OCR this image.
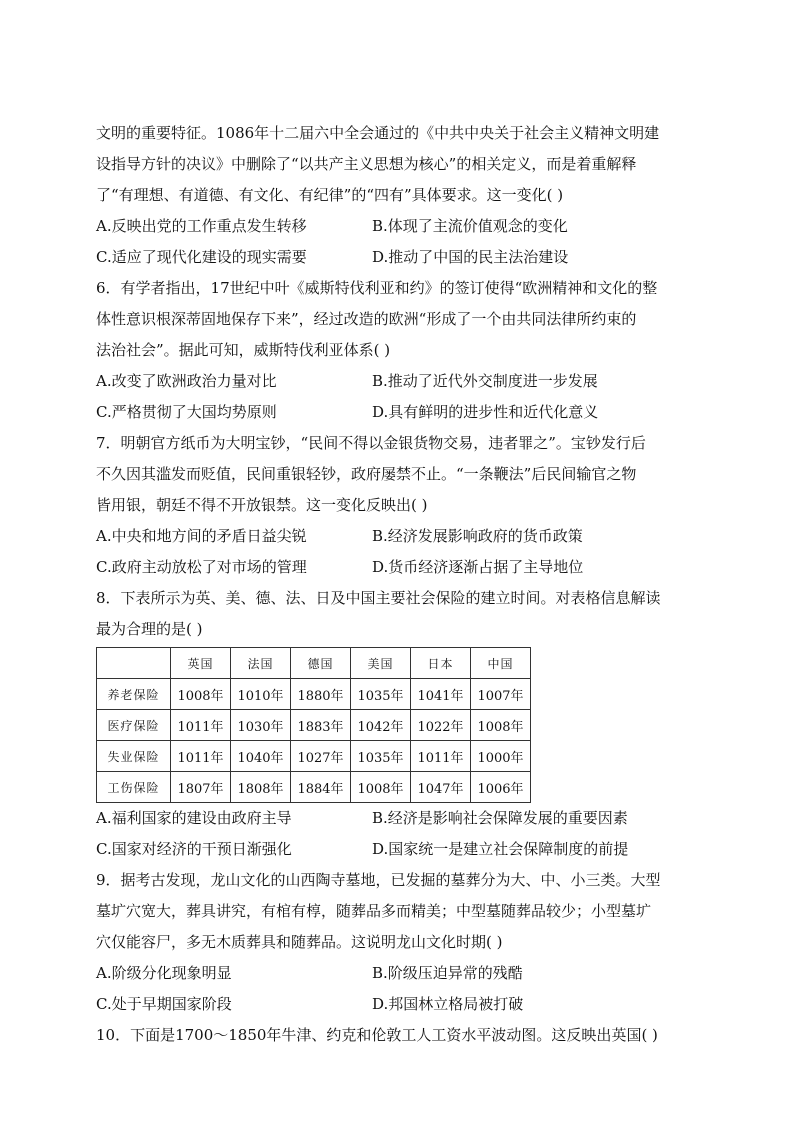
文明的重要特征。1086年十二届六中全会通过的《中共中央关于社会主义精神文明建
设指导方针的决议》中删除了“以共产主义思想为核心”的相关定义，而是着重解释
了“有理想、有道德、有文化、有纪律”的“四有”具体要求。这一变化( )
A.反映出党的工作重点发生转移	B.体现了主流价值观念的变化
C.适应了现代化建设的现实需要	D.推动了中国的民主法治建设
6．有学者指出，17世纪中叶《威斯特伐利亚和约》的签订使得“欧洲精神和文化的整
体性意识根深蒂固地保存下来”，经过改造的欧洲“形成了一个由共同法律所约束的
法治社会”。据此可知，威斯特伐利亚体系( )
A.改变了欧洲政治力量对比	B.推动了近代外交制度进一步发展
C.严格贯彻了大国均势原则	D.具有鲜明的进步性和近代化意义
7．明朝官方纸币为大明宝钞，“民间不得以金银货物交易，违者罪之”。宝钞发行后
不久因其滥发而贬值，民间重银轻钞，政府屡禁不止。“一条鞭法”后民间输官之物
皆用银，朝廷不得不开放银禁。这一变化反映出( )
A.中央和地方间的矛盾日益尖锐	B.经济发展影响政府的货币政策
C.政府主动放松了对市场的管理	D.货币经济逐渐占据了主导地位
8．下表所示为英、美、德、法、日及中国主要社会保险的建立时间。对表格信息解读
最为合理的是( )
	英国	法国	德国	美国	日本	中国
养老保险	1008年	1010年	1880年	1035年	1041年	1007年
医疗保险	1011年	1030年	1883年	1042年	1022年	1008年
失业保险	1011年	1040年	1027年	1035年	1011年	1000年
工伤保险	1807年	1808年	1884年	1008年	1047年	1006年
A.福利国家的建设由政府主导	B.经济是影响社会保障发展的重要因素
C.国家对经济的干预日渐强化	D.国家统一是建立社会保障制度的前提
9．据考古发现，龙山文化的山西陶寺墓地，已发掘的墓葬分为大、中、小三类。大型
墓圹穴宽大，葬具讲究，有棺有椁，随葬品多而精美；中型墓随葬品较少；小型墓圹
穴仅能容尸，多无木质葬具和随葬品。这说明龙山文化时期( )
A.阶级分化现象明显	B.阶级压迫异常的残酷
C.处于早期国家阶段	D.邦国林立格局被打破
10．下面是1700～1850年牛津、约克和伦敦工人工资水平波动图。这反映出英国( )
